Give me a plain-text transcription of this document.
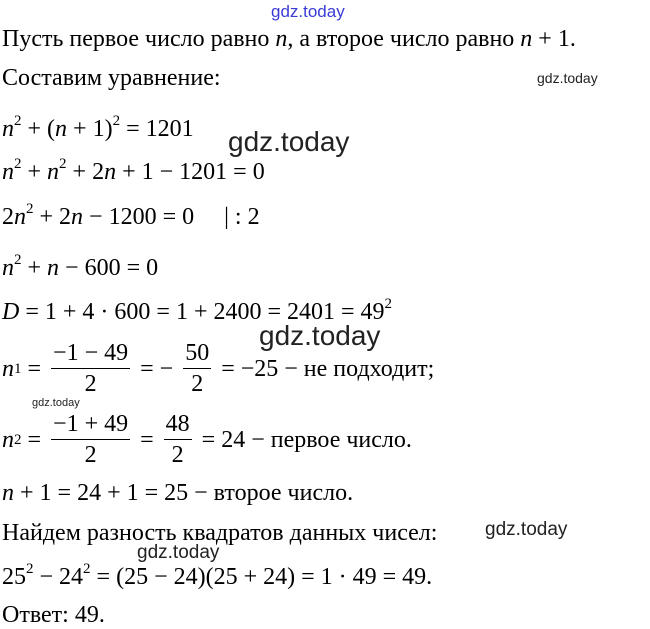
gdz.today
gdz.today
gdz.today
gdz.today
gdz.today
gdz.today
gdz.today
Пусть первое число равно n, а второе число равно n + 1.
Составим уравнение:
$n^2 + (n + 1)^2 = 1201$
$n^2 + n^2 + 2n + 1 - 1201 = 0$
$2n^2 + 2n - 1200 = 0$     | : 2
$n^2 + n - 600 = 0$
$D = 1 + 4 \cdot 600 = 1 + 2400 = 2401 = 49^2$
n $1 = \frac{-1 - 49}{2}$ = − $\frac{50}{2} = -25$ − не подходит;
n $2 = \frac{-1 + 49}{2} = \frac{48}{2} = 24$ − первое число.
n + 1 = 24 + 1 = 25 − второе число.
Найдем разность квадратов данных чисел:
$25^2 - 24^2 = (25 - 24)(25 + 24) = 1 \cdot 49 = 49$.
Ответ: 49.
